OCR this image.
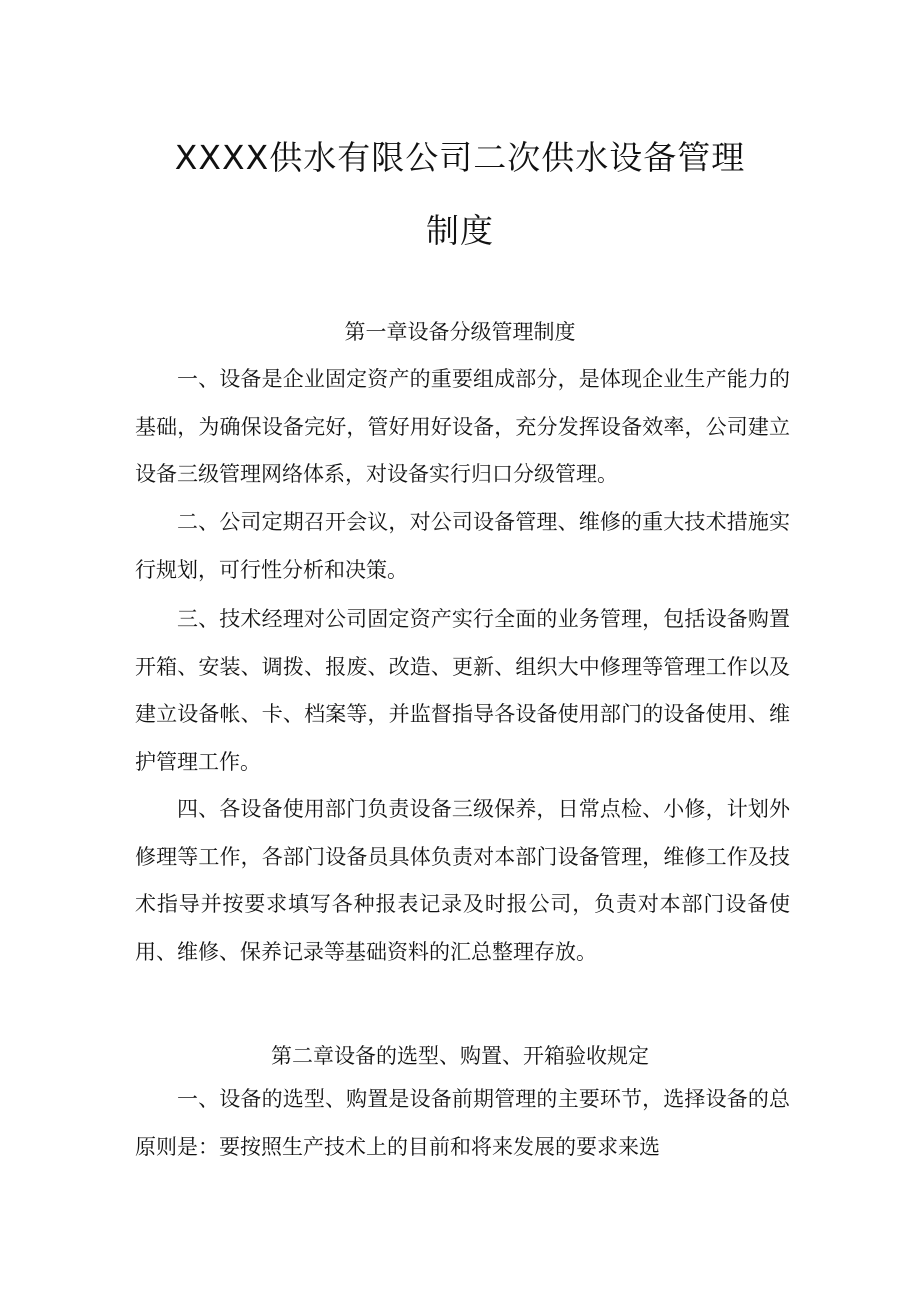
XXXX供水有限公司二次供水设备管理
制度
第一章设备分级管理制度

一、设备是企业固定资产的重要组成部分，是体现企业生产能力的基础，为确保设备完好，管好用好设备，充分发挥设备效率，公司建立设备三级管理网络体系，对设备实行归口分级管理。

二、公司定期召开会议，对公司设备管理、维修的重大技术措施实行规划，可行性分析和决策。

三、技术经理对公司固定资产实行全面的业务管理，包括设备购置开箱、安装、调拨、报废、改造、更新、组织大中修理等管理工作以及建立设备帐、卡、档案等，并监督指导各设备使用部门的设备使用、维护管理工作。

四、各设备使用部门负责设备三级保养，日常点检、小修，计划外修理等工作，各部门设备员具体负责对本部门设备管理，维修工作及技术指导并按要求填写各种报表记录及时报公司，负责对本部门设备使用、维修、保养记录等基础资料的汇总整理存放。

第二章设备的选型、购置、开箱验收规定

一、设备的选型、购置是设备前期管理的主要环节，选择设备的总原则是：要按照生产技术上的目前和将来发展的要求来选
